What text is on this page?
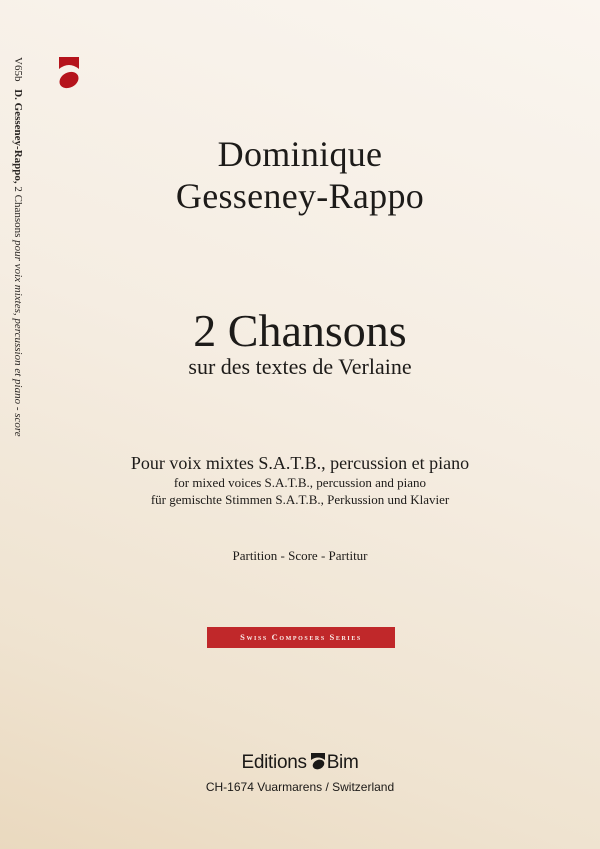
V65b D. Gesseney-Rappo, 2 Chansons pour voix mixtes, percussion et piano - score
Dominique
Gesseney-Rappo
2 Chansons
sur des textes de Verlaine
Pour voix mixtes S.A.T.B., percussion et piano
for mixed voices S.A.T.B., percussion and piano
für gemischte Stimmen S.A.T.B., Perkussion und Klavier
Partition - Score - Partitur
Swiss Composers Series
Editions Bim
CH-1674 Vuarmarens / Switzerland
